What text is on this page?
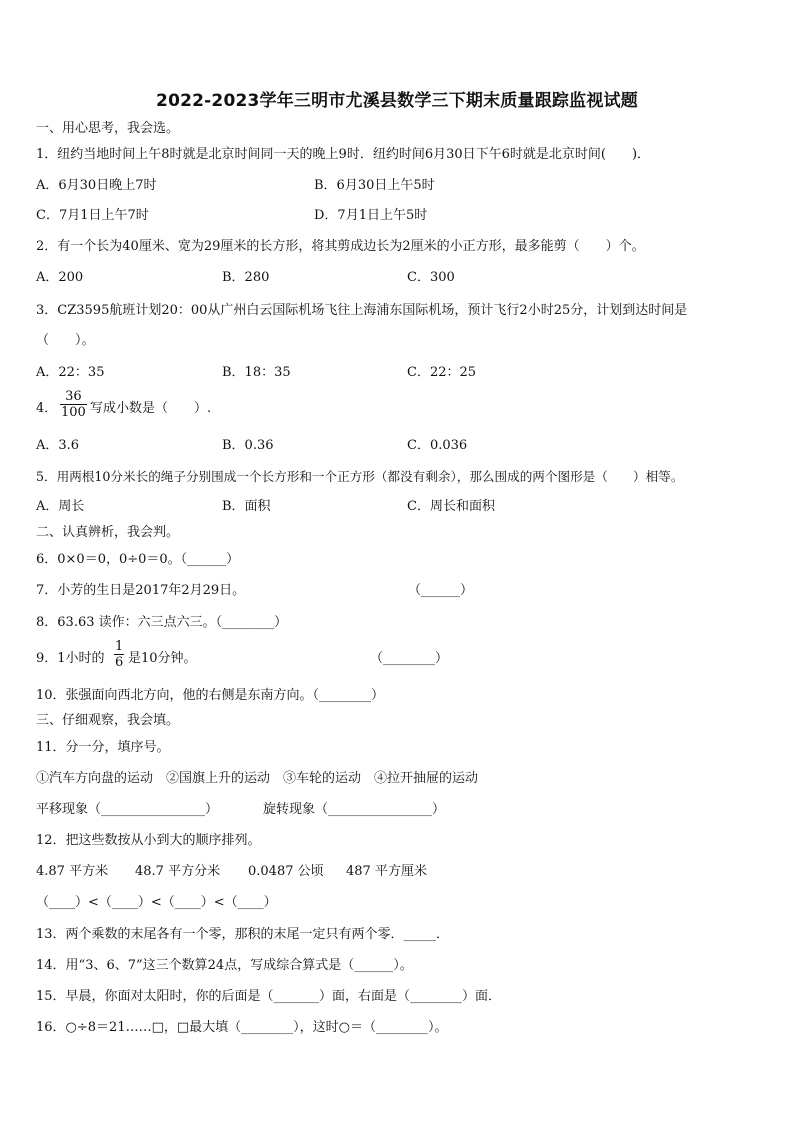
2022-2023学年三明市尤溪县数学三下期末质量跟踪监视试题
一、用心思考，我会选。
1．纽约当地时间上午8时就是北京时间同一天的晚上9时．纽约时间6月30日下午6时就是北京时间(　　)．
A．6月30日晚上7时	B．6月30日上午5时
C．7月1日上午7时	D．7月1日上午5时
2．有一个长为40厘米、宽为29厘米的长方形，将其剪成边长为2厘米的小正方形，最多能剪（　　）个。
A．200	B．280	C．300
3．CZ3595航班计划20：00从广州白云国际机场飞往上海浦东国际机场，预计飞行2小时25分，计划到达时间是
（　　）。
A．22：35	B．18：35	C．22：25
4．
36
100 写成小数是（　　）.
A．3.6	B．0.36	C．0.036
5．用两根10分米长的绳子分别围成一个长方形和一个正方形（都没有剩余），那么围成的两个图形是（　　）相等。
A．周长	B．面积	C．周长和面积
二、认真辨析，我会判。
6．0×0＝0，0÷0＝0。（______）
7．小芳的生日是2017年2月29日。	（______）
8．63.63 读作：六三点六三。（________）
9．1小时的
1
6 是10分钟。	（________）
10．张强面向西北方向，他的右侧是东南方向。（________）
三、仔细观察，我会填。
11．分一分，填序号。
①汽车方向盘的运动　②国旗上升的运动　③车轮的运动　④拉开抽屉的运动
平移现象（________________）	旋转现象（________________）
12．把这些数按从小到大的顺序排列。
4.87 平方米 48.7 平方分米 0.0487 公顷 487 平方厘米
（____）<（____）<（____）<（____）
13．两个乘数的末尾各有一个零，那积的末尾一定只有两个零．_____．
14．用“3、6、7”这三个数算24点，写成综合算式是（______）。
15．早晨，你面对太阳时，你的后面是（_______）面，右面是（________）面．
16．○÷8＝21……□，□最大填（________），这时○＝（________）。
